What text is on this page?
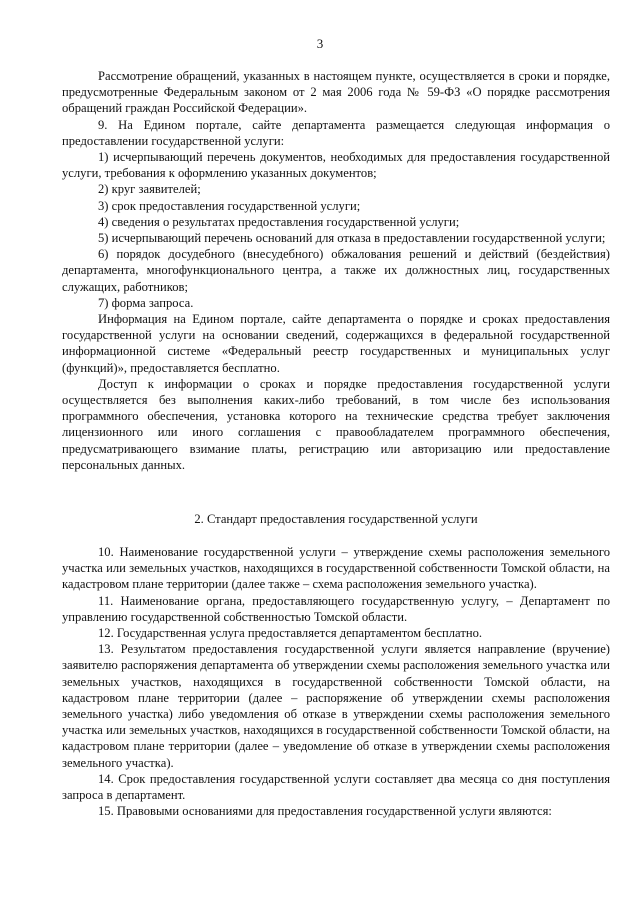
3

Рассмотрение обращений, указанных в настоящем пункте, осуществляется в сроки и порядке, предусмотренные Федеральным законом от 2 мая 2006 года № 59-ФЗ «О порядке рассмотрения обращений граждан Российской Федерации».

9. На Едином портале, сайте департамента размещается следующая информация о предоставлении государственной услуги:

1) исчерпывающий перечень документов, необходимых для предоставления государственной услуги, требования к оформлению указанных документов;

2) круг заявителей;

3) срок предоставления государственной услуги;

4) сведения о результатах предоставления государственной услуги;

5) исчерпывающий перечень оснований для отказа в предоставлении государственной услуги;

6) порядок досудебного (внесудебного) обжалования решений и действий (бездействия) департамента, многофункционального центра, а также их должностных лиц, государственных служащих, работников;

7) форма запроса.

Информация на Едином портале, сайте департамента о порядке и сроках предоставления государственной услуги на основании сведений, содержащихся в федеральной государственной информационной системе «Федеральный реестр государственных и муниципальных услуг (функций)», предоставляется бесплатно.

Доступ к информации о сроках и порядке предоставления государственной услуги осуществляется без выполнения каких-либо требований, в том числе без использования программного обеспечения, установка которого на технические средства требует заключения лицензионного или иного соглашения с правообладателем программного обеспечения, предусматривающего взимание платы, регистрацию или авторизацию или предоставление персональных данных.

2. Стандарт предоставления государственной услуги

10. Наименование государственной услуги – утверждение схемы расположения земельного участка или земельных участков, находящихся в государственной собственности Томской области, на кадастровом плане территории (далее также – схема расположения земельного участка).

11. Наименование органа, предоставляющего государственную услугу, – Департамент по управлению государственной собственностью Томской области.

12. Государственная услуга предоставляется департаментом бесплатно.

13. Результатом предоставления государственной услуги является направление (вручение) заявителю распоряжения департамента об утверждении схемы расположения земельного участка или земельных участков, находящихся в государственной собственности Томской области, на кадастровом плане территории (далее – распоряжение об утверждении схемы расположения земельного участка) либо уведомления об отказе в утверждении схемы расположения земельного участка или земельных участков, находящихся в государственной собственности Томской области, на кадастровом плане территории (далее – уведомление об отказе в утверждении схемы расположения земельного участка).

14. Срок предоставления государственной услуги составляет два месяца со дня поступления запроса в департамент.

15. Правовыми основаниями для предоставления государственной услуги являются:
